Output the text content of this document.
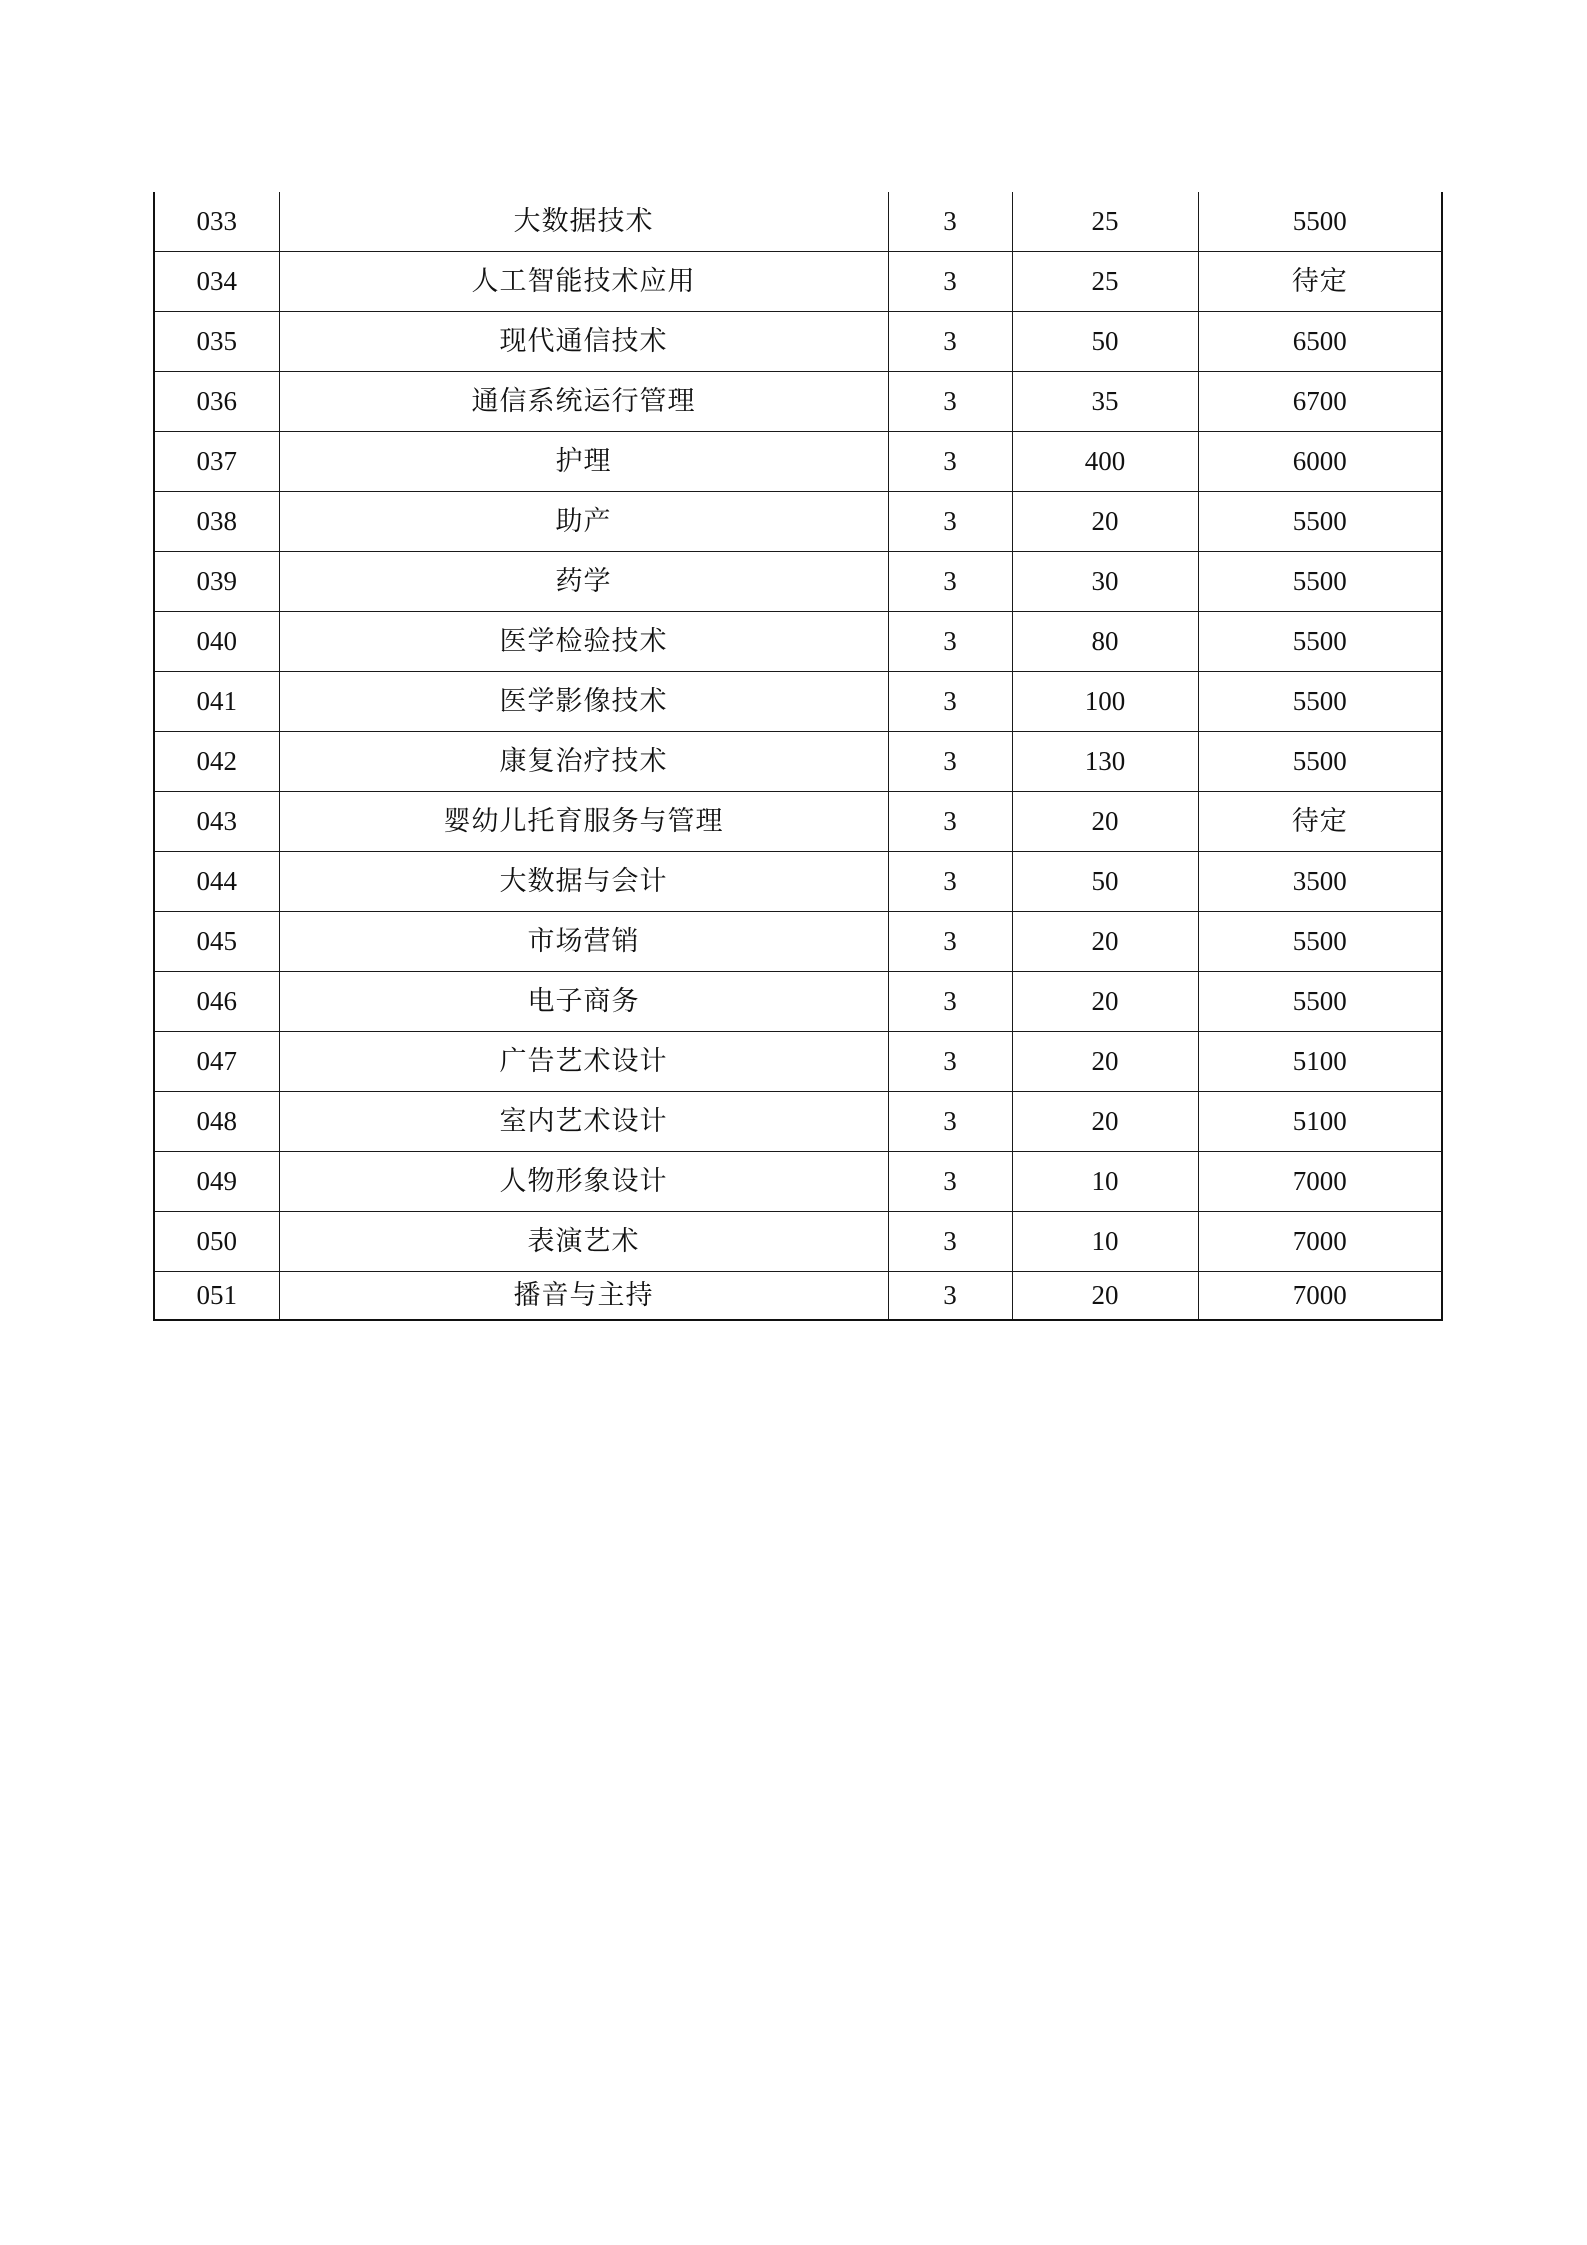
033	大数据技术	3	25	5500
034	人工智能技术应用	3	25	待定
035	现代通信技术	3	50	6500
036	通信系统运行管理	3	35	6700
037	护理	3	400	6000
038	助产	3	20	5500
039	药学	3	30	5500
040	医学检验技术	3	80	5500
041	医学影像技术	3	100	5500
042	康复治疗技术	3	130	5500
043	婴幼儿托育服务与管理	3	20	待定
044	大数据与会计	3	50	3500
045	市场营销	3	20	5500
046	电子商务	3	20	5500
047	广告艺术设计	3	20	5100
048	室内艺术设计	3	20	5100
049	人物形象设计	3	10	7000
050	表演艺术	3	10	7000
051	播音与主持	3	20	7000
